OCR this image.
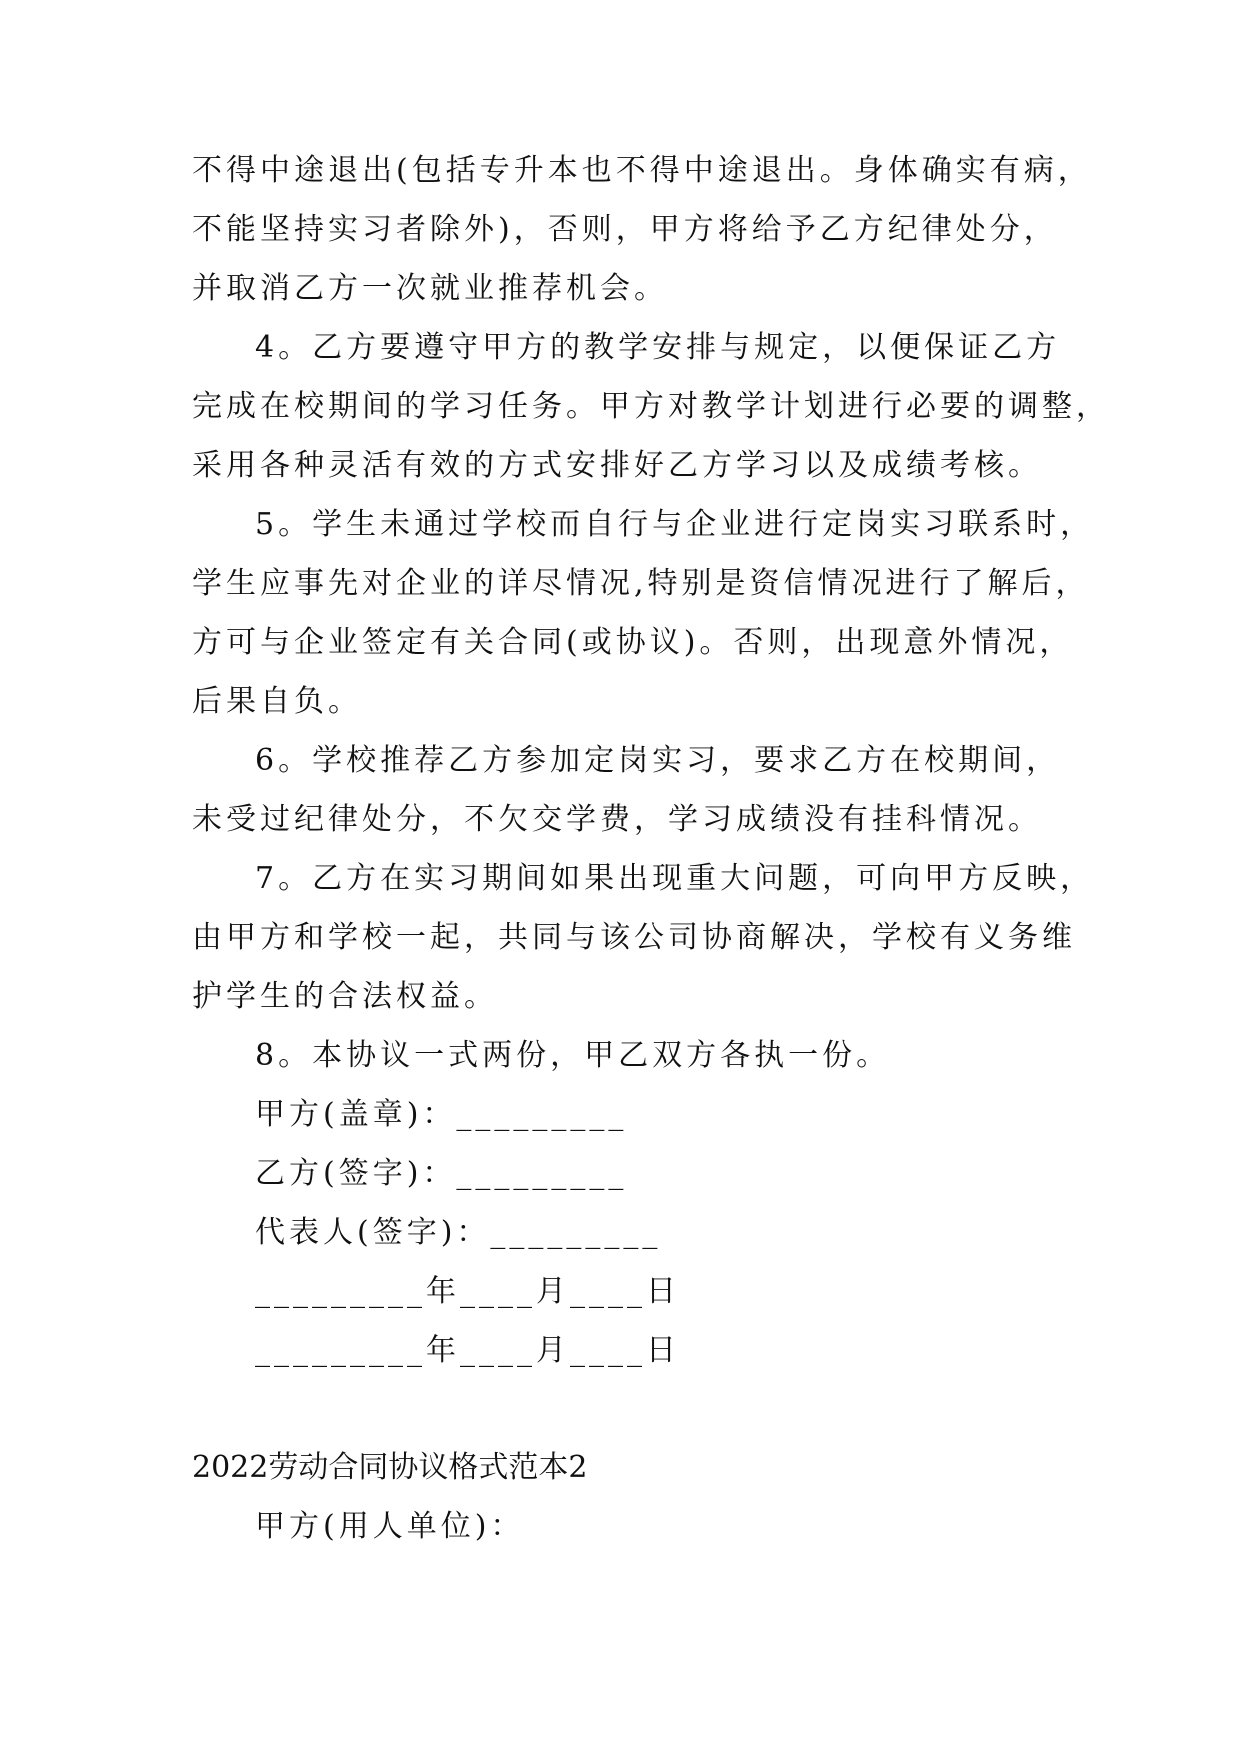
不得中途退出(包括专升本也不得中途退出。身体确实有病，
不能坚持实习者除外)，否则，甲方将给予乙方纪律处分，
并取消乙方一次就业推荐机会。
4。乙方要遵守甲方的教学安排与规定，以便保证乙方
完成在校期间的学习任务。甲方对教学计划进行必要的调整，
采用各种灵活有效的方式安排好乙方学习以及成绩考核。
5。学生未通过学校而自行与企业进行定岗实习联系时，
学生应事先对企业的详尽情况,特别是资信情况进行了解后，
方可与企业签定有关合同(或协议)。否则，出现意外情况，
后果自负。
6。学校推荐乙方参加定岗实习，要求乙方在校期间，
未受过纪律处分，不欠交学费，学习成绩没有挂科情况。
7。乙方在实习期间如果出现重大问题，可向甲方反映，
由甲方和学校一起，共同与该公司协商解决，学校有义务维
护学生的合法权益。
8。本协议一式两份，甲乙双方各执一份。
甲方(盖章)：_________
乙方(签字)：_________
代表人(签字)：_________
_________年____月____日
_________年____月____日
2022劳动合同协议格式范本2
甲方(用人单位)：
